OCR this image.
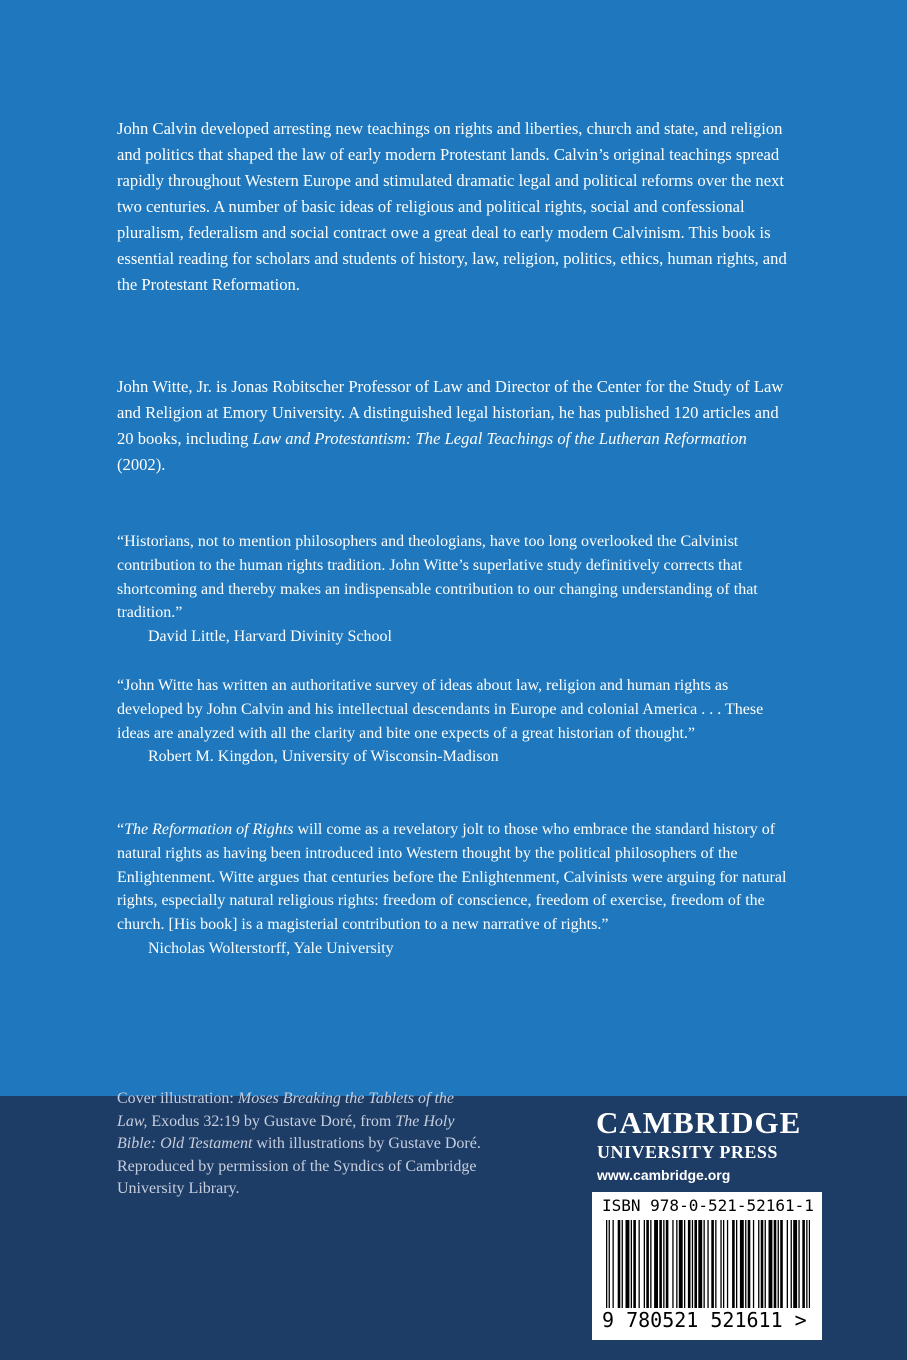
John Calvin developed arresting new teachings on rights and liberties, church and state, and religion and politics that shaped the law of early modern Protestant lands. Calvin’s original teachings spread rapidly throughout Western Europe and stimulated dramatic legal and political reforms over the next two centuries. A number of basic ideas of religious and political rights, social and confessional pluralism, federalism and social contract owe a great deal to early modern Calvinism. This book is essential reading for scholars and students of history, law, religion, politics, ethics, human rights, and the Protestant Reformation.

John Witte, Jr. is Jonas Robitscher Professor of Law and Director of the Center for the Study of Law and Religion at Emory University. A distinguished legal historian, he has published 120 articles and 20 books, including Law and Protestantism: The Legal Teachings of the Lutheran Reformation (2002).

“Historians, not to mention philosophers and theologians, have too long overlooked the Calvinist contribution to the human rights tradition. John Witte’s superlative study definitively corrects that shortcoming and thereby makes an indispensable contribution to our changing understanding of that tradition.”
David Little, Harvard Divinity School

“John Witte has written an authoritative survey of ideas about law, religion and human rights as developed by John Calvin and his intellectual descendants in Europe and colonial America . . . These ideas are analyzed with all the clarity and bite one expects of a great historian of thought.”
Robert M. Kingdon, University of Wisconsin-Madison

“The Reformation of Rights will come as a revelatory jolt to those who embrace the standard history of natural rights as having been introduced into Western thought by the political philosophers of the Enlightenment. Witte argues that centuries before the Enlightenment, Calvinists were arguing for natural rights, especially natural religious rights: freedom of conscience, freedom of exercise, freedom of the church. [His book] is a magisterial contribution to a new narrative of rights.”
Nicholas Wolterstorff, Yale University

Cover illustration: Moses Breaking the Tablets of the Law, Exodus 32:19 by Gustave Doré, from The Holy Bible: Old Testament with illustrations by Gustave Doré. Reproduced by permission of the Syndics of Cambridge University Library.

CAMBRIDGE
UNIVERSITY PRESS
www.cambridge.org
ISBN 978-0-521-52161-1
9 780521 521611 >
